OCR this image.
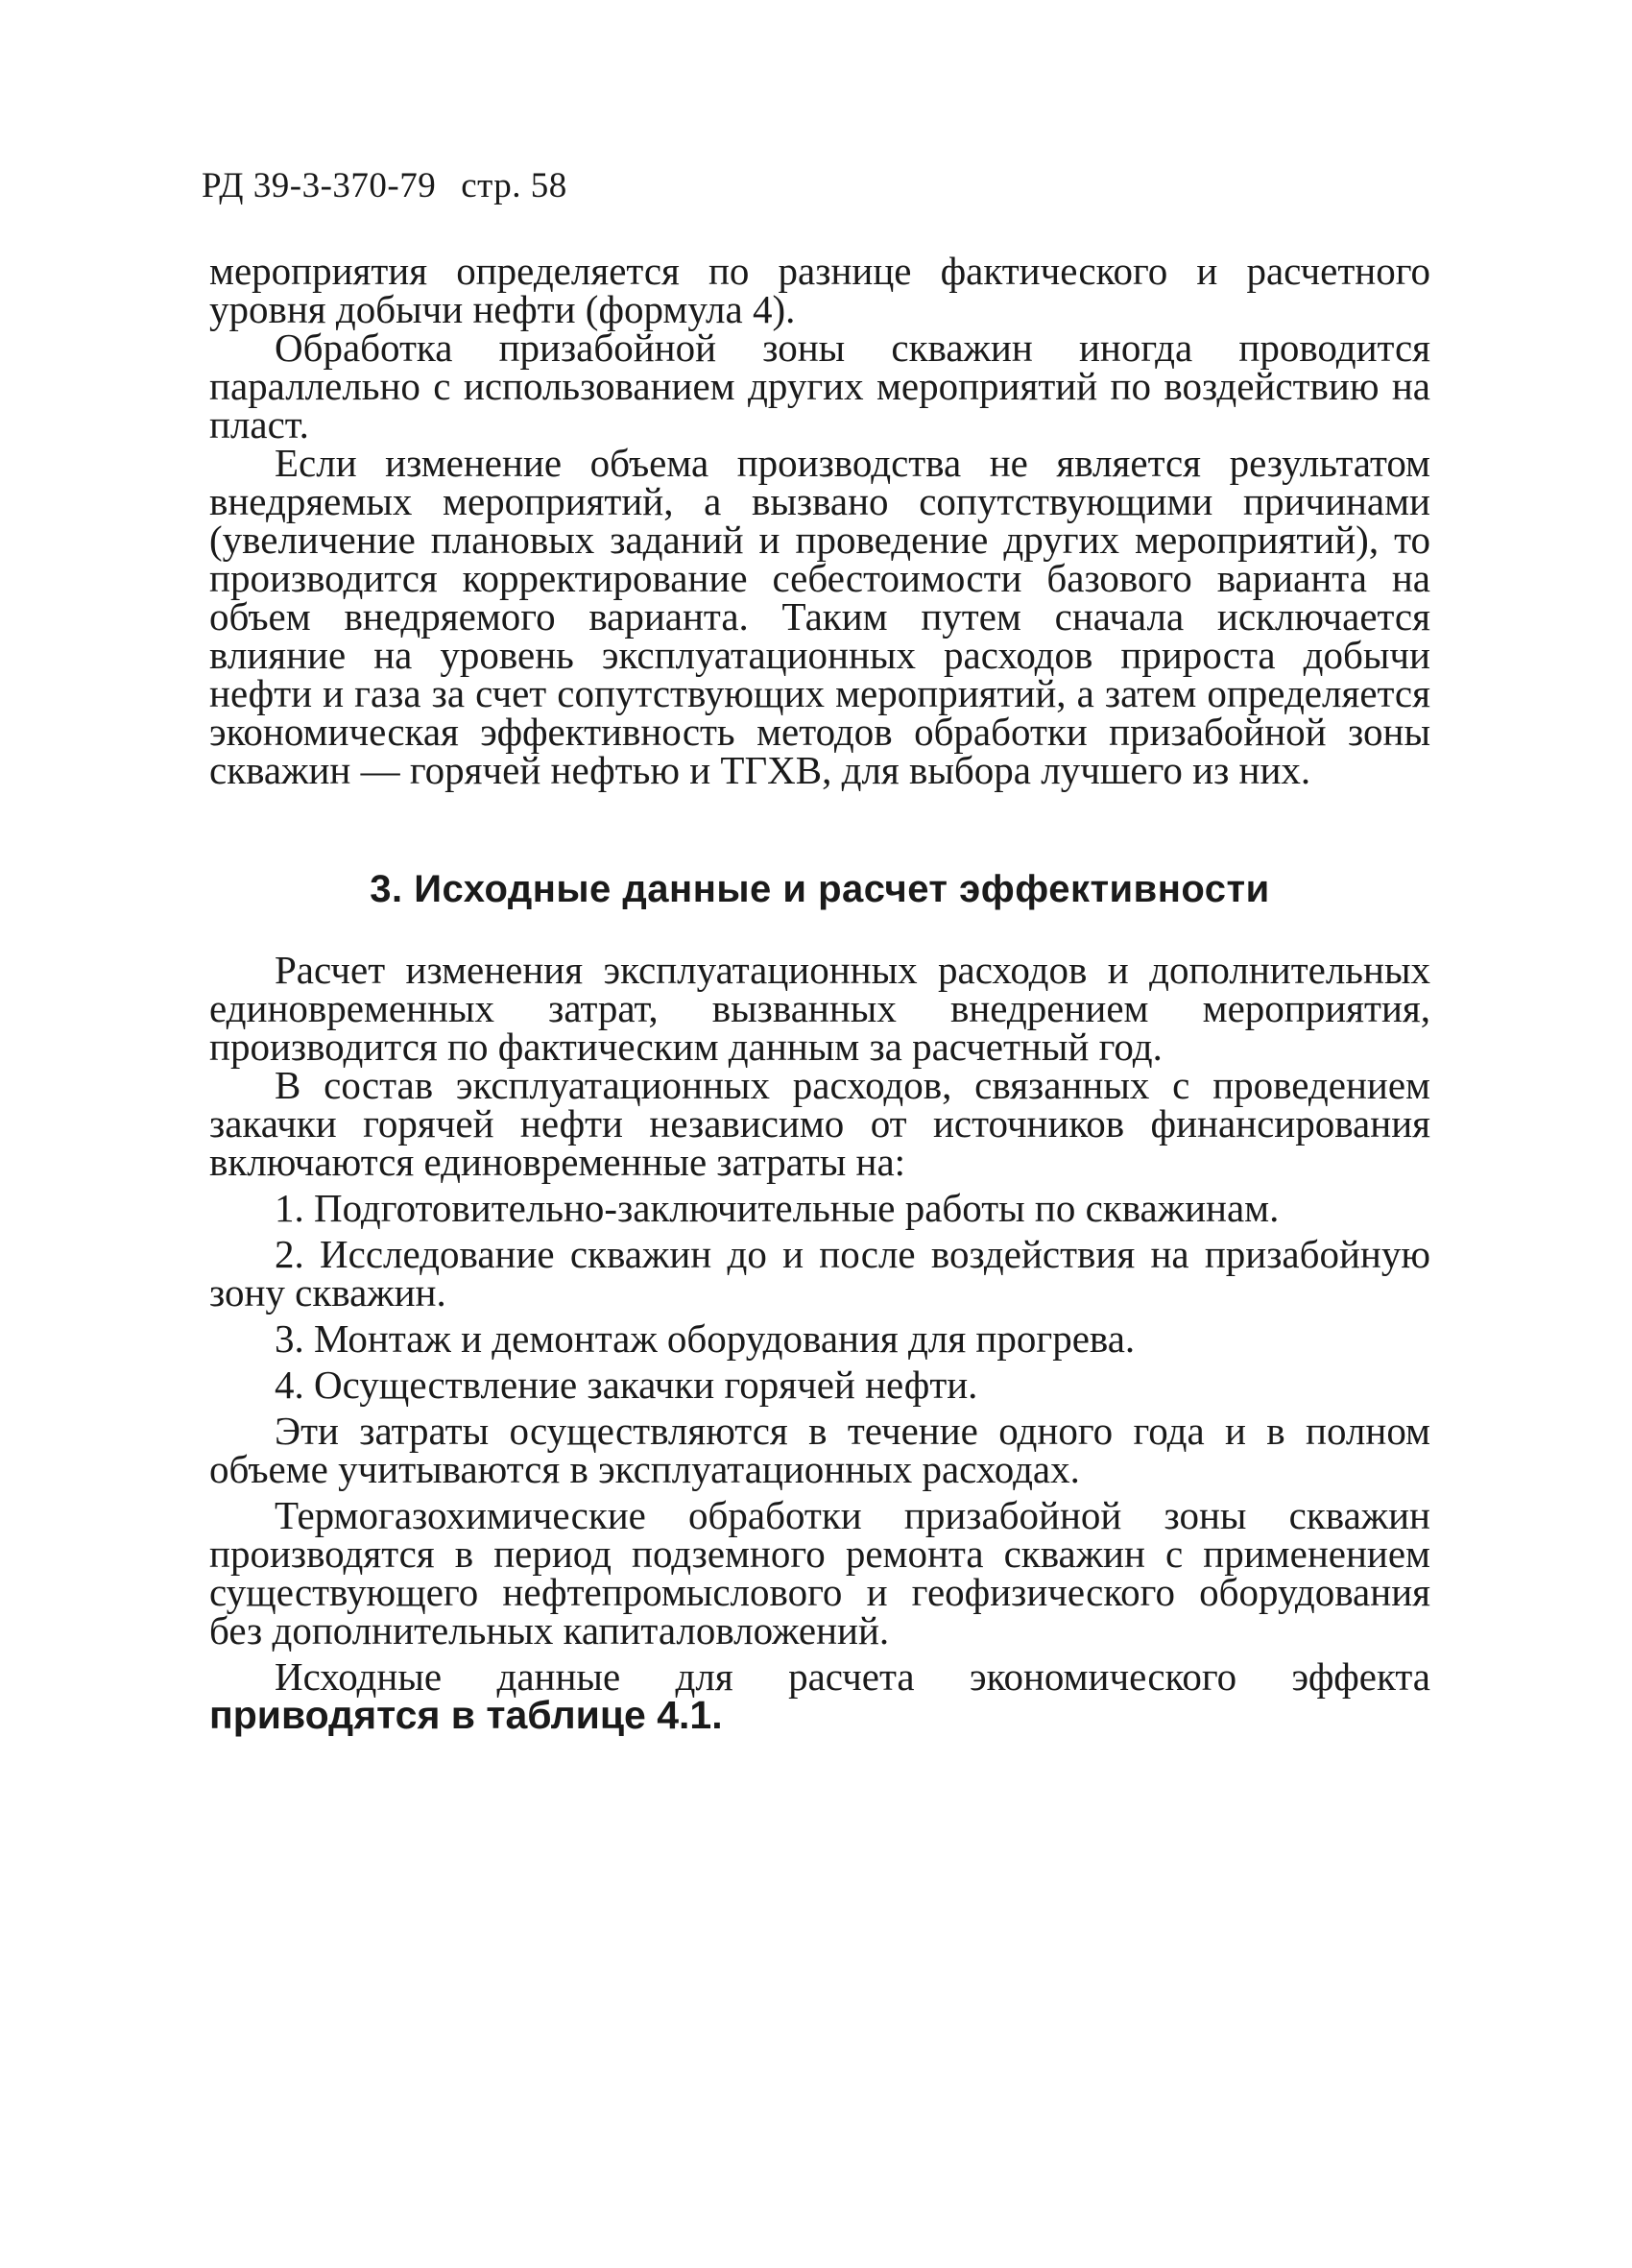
РД 39-3-370-79 стр. 58

мероприятия определяется по разнице фактического и расчетного уровня добычи нефти (формула 4).

Обработка призабойной зоны скважин иногда проводится параллельно с использованием других мероприятий по воздействию на пласт.

Если изменение объема производства не является результатом внедряемых мероприятий, а вызвано сопутствующими причинами (увеличение плановых заданий и проведение других мероприятий), то производится корректирование себестоимости базового варианта на объем внедряемого варианта. Таким путем сначала исключается влияние на уровень эксплуатационных расходов прироста добычи нефти и газа за счет сопутствующих мероприятий, а затем определяется экономическая эффективность методов обработки призабойной зоны скважин — горячей нефтью и ТГХВ, для выбора лучшего из них.

3. Исходные данные и расчет эффективности

Расчет изменения эксплуатационных расходов и дополнительных единовременных затрат, вызванных внедрением мероприятия, производится по фактическим данным за расчетный год.

В состав эксплуатационных расходов, связанных с проведением закачки горячей нефти независимо от источников финансирования включаются единовременные затраты на:

1. Подготовительно-заключительные работы по скважинам.

2. Исследование скважин до и после воздействия на призабойную зону скважин.

3. Монтаж и демонтаж оборудования для прогрева.

4. Осуществление закачки горячей нефти.

Эти затраты осуществляются в течение одного года и в полном объеме учитываются в эксплуатационных расходах.

Термогазохимические обработки призабойной зоны скважин производятся в период подземного ремонта скважин с применением существующего нефтепромыслового и геофизического оборудования без дополнительных капиталовложений.

Исходные данные для расчета экономического эффекта приводятся в таблице 4.1.
